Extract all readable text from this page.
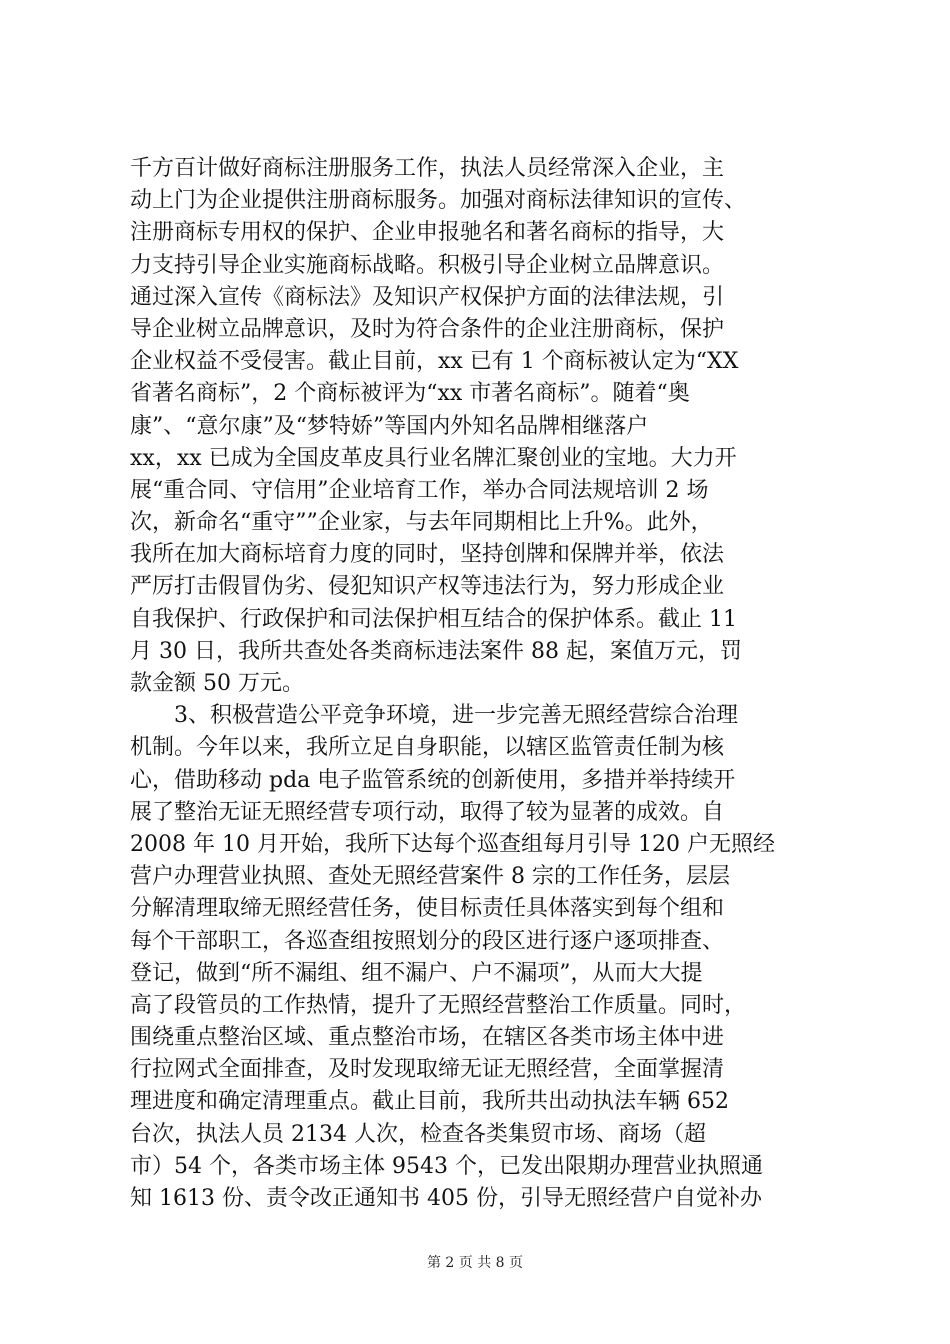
千方百计做好商标注册服务工作，执法人员经常深入企业，主
动上门为企业提供注册商标服务。加强对商标法律知识的宣传、
注册商标专用权的保护、企业申报驰名和著名商标的指导，大
力支持引导企业实施商标战略。积极引导企业树立品牌意识。
通过深入宣传《商标法》及知识产权保护方面的法律法规，引
导企业树立品牌意识，及时为符合条件的企业注册商标，保护
企业权益不受侵害。截止目前，xx 已有 1 个商标被认定为“XX
省著名商标”，2 个商标被评为“xx 市著名商标”。随着“奥
康”、“意尔康”及“梦特娇”等国内外知名品牌相继落户
xx，xx 已成为全国皮革皮具行业名牌汇聚创业的宝地。大力开
展“重合同、守信用”企业培育工作，举办合同法规培训 2 场
次，新命名“重守””企业家，与去年同期相比上升%。此外，
我所在加大商标培育力度的同时，坚持创牌和保牌并举，依法
严厉打击假冒伪劣、侵犯知识产权等违法行为，努力形成企业
自我保护、行政保护和司法保护相互结合的保护体系。截止 11
月 30 日，我所共查处各类商标违法案件 88 起，案值万元，罚
款金额 50 万元。
　　3、积极营造公平竞争环境，进一步完善无照经营综合治理
机制。今年以来，我所立足自身职能，以辖区监管责任制为核
心，借助移动 pda 电子监管系统的创新使用，多措并举持续开
展了整治无证无照经营专项行动，取得了较为显著的成效。自
2008 年 10 月开始，我所下达每个巡查组每月引导 120 户无照经
营户办理营业执照、查处无照经营案件 8 宗的工作任务，层层
分解清理取缔无照经营任务，使目标责任具体落实到每个组和
每个干部职工，各巡查组按照划分的段区进行逐户逐项排查、
登记，做到“所不漏组、组不漏户、户不漏项”，从而大大提
高了段管员的工作热情，提升了无照经营整治工作质量。同时，
围绕重点整治区域、重点整治市场，在辖区各类市场主体中进
行拉网式全面排查，及时发现取缔无证无照经营，全面掌握清
理进度和确定清理重点。截止目前，我所共出动执法车辆 652
台次，执法人员 2134 人次，检查各类集贸市场、商场（超
市）54 个，各类市场主体 9543 个，已发出限期办理营业执照通
知 1613 份、责令改正通知书 405 份，引导无照经营户自觉补办
第 2 页 共 8 页
